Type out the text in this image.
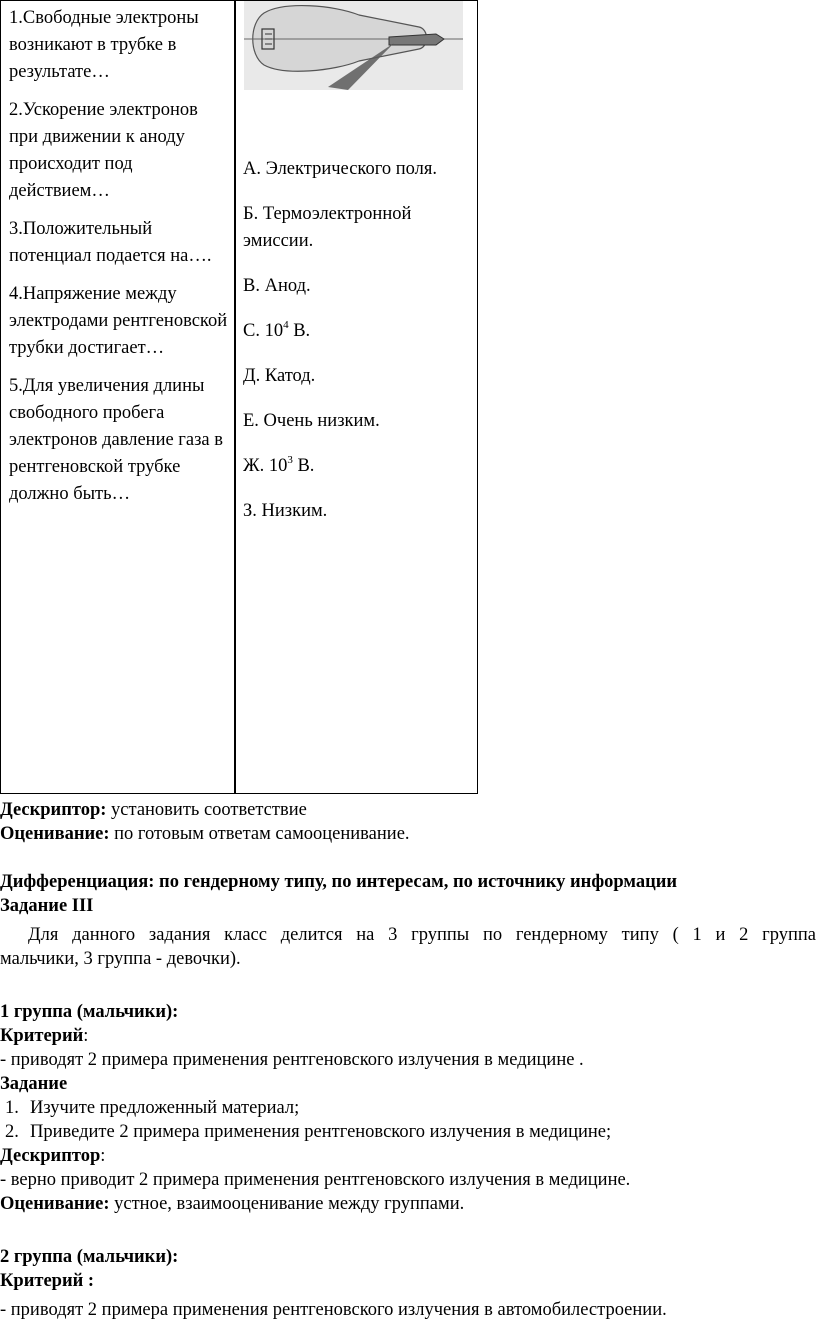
1.Свободные электроны возникают в трубке в результате…
2.Ускорение электронов при движении к аноду происходит под действием…
3.Положительный потенциал подается на….
4.Напряжение между электродами рентгеновской трубки достигает…
5.Для увеличения длины свободного пробега электронов давление газа в рентгеновской трубке должно быть…
А. Электрического поля.
Б. Термоэлектронной эмиссии.
В. Анод.
С. $10^4$ В.
Д. Катод.
Е. Очень низким.
Ж. $10^3$ В.
З. Низким.
Дескриптор: установить соответствие
Оценивание: по готовым ответам самооценивание.
Дифференциация: по гендерному типу, по интересам, по источнику информации
Задание III
Для данного задания класс делится на 3 группы по гендерному типу ( 1 и 2 группа
мальчики, 3 группа - девочки).
1 группа (мальчики):
Критерий:
- приводят 2 примера применения рентгеновского излучения в медицине .
Задание
1. Изучите предложенный материал;
2. Приведите 2 примера применения рентгеновского излучения в медицине;
Дескриптор:
- верно приводит 2 примера применения рентгеновского излучения в медицине.
Оценивание: устное, взаимооценивание между группами.
2 группа (мальчики):
Критерий :
- приводят 2 примера применения рентгеновского излучения в автомобилестроении.
